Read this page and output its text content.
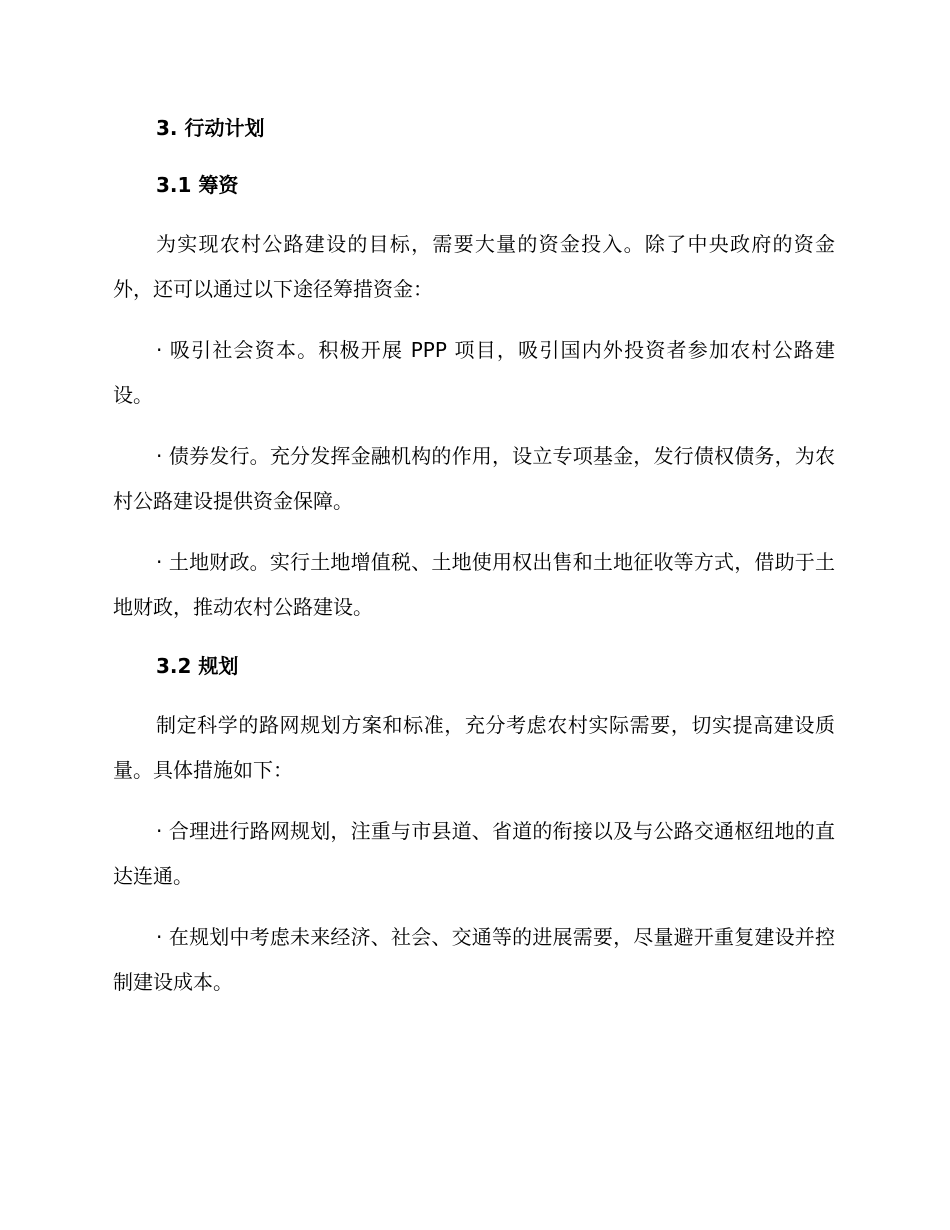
3. 行动计划
3.1 筹资
为实现农村公路建设的目标，需要大量的资金投入。除了中央政府的资金外，还可以通过以下途径筹措资金：
· 吸引社会资本。积极开展 PPP 项目，吸引国内外投资者参加农村公路建设。
· 债券发行。充分发挥金融机构的作用，设立专项基金，发行债权债务，为农村公路建设提供资金保障。
· 土地财政。实行土地增值税、土地使用权出售和土地征收等方式，借助于土地财政，推动农村公路建设。
3.2 规划
制定科学的路网规划方案和标准，充分考虑农村实际需要，切实提高建设质量。具体措施如下：
· 合理进行路网规划，注重与市县道、省道的衔接以及与公路交通枢纽地的直达连通。
· 在规划中考虑未来经济、社会、交通等的进展需要，尽量避开重复建设并控制建设成本。
